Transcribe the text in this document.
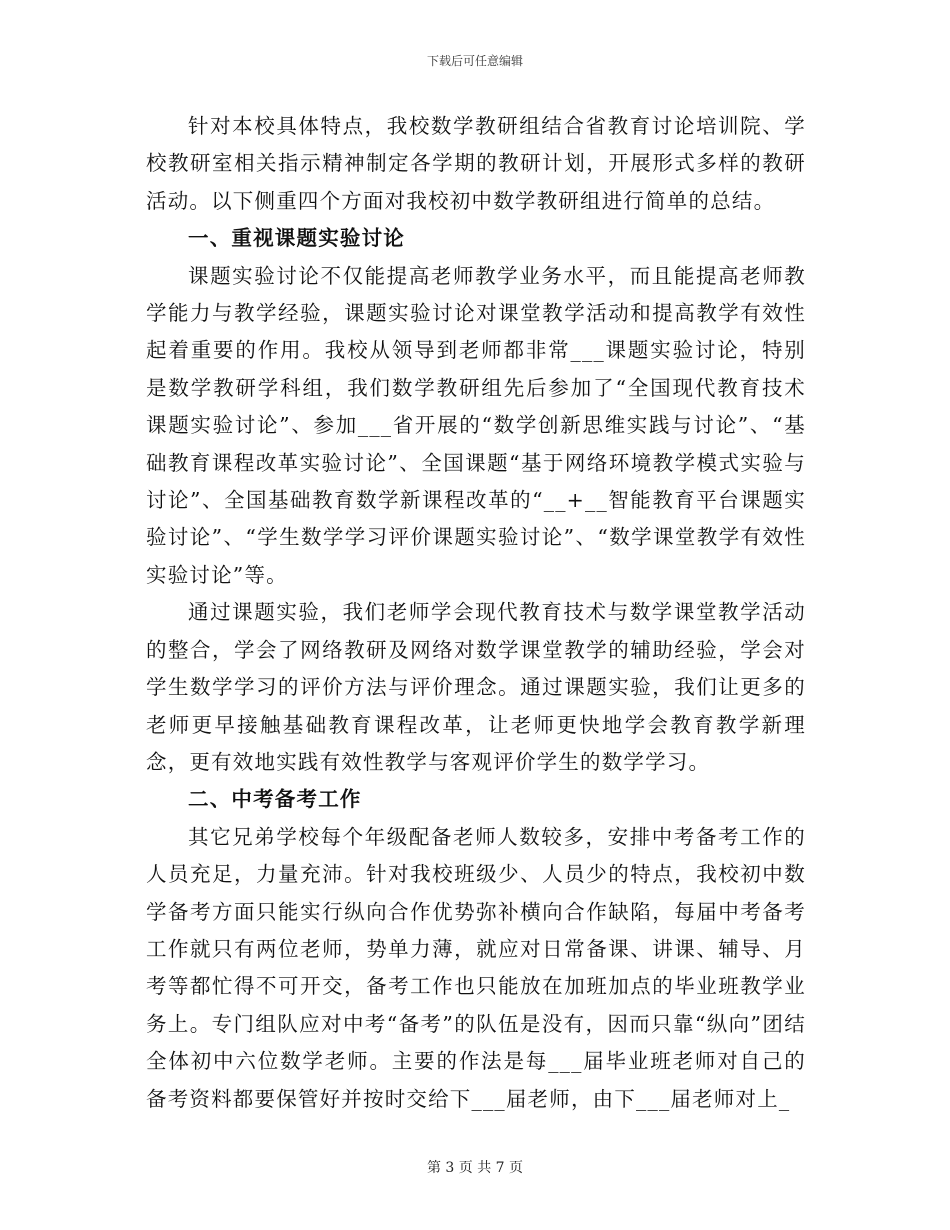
下载后可任意编辑

针对本校具体特点，我校数学教研组结合省教育讨论培训院、学校教研室相关指示精神制定各学期的教研计划，开展形式多样的教研活动。以下侧重四个方面对我校初中数学教研组进行简单的总结。

一、重视课题实验讨论

课题实验讨论不仅能提高老师教学业务水平，而且能提高老师教学能力与教学经验，课题实验讨论对课堂教学活动和提高教学有效性起着重要的作用。我校从领导到老师都非常___课题实验讨论，特别是数学教研学科组，我们数学教研组先后参加了“全国现代教育技术课题实验讨论”、参加___省开展的“数学创新思维实践与讨论”、“基础教育课程改革实验讨论”、全国课题“基于网络环境教学模式实验与讨论”、全国基础教育数学新课程改革的“__+__智能教育平台课题实验讨论”、“学生数学学习评价课题实验讨论”、“数学课堂教学有效性实验讨论”等。

通过课题实验，我们老师学会现代教育技术与数学课堂教学活动的整合，学会了网络教研及网络对数学课堂教学的辅助经验，学会对学生数学学习的评价方法与评价理念。通过课题实验，我们让更多的老师更早接触基础教育课程改革，让老师更快地学会教育教学新理念，更有效地实践有效性教学与客观评价学生的数学学习。

二、中考备考工作

其它兄弟学校每个年级配备老师人数较多，安排中考备考工作的人员充足，力量充沛。针对我校班级少、人员少的特点，我校初中数学备考方面只能实行纵向合作优势弥补横向合作缺陷，每届中考备考工作就只有两位老师，势单力薄，就应对日常备课、讲课、辅导、月考等都忙得不可开交，备考工作也只能放在加班加点的毕业班教学业务上。专门组队应对中考“备考”的队伍是没有，因而只靠“纵向”团结全体初中六位数学老师。主要的作法是每___届毕业班老师对自己的备考资料都要保管好并按时交给下___届老师，由下___届老师对上_

第 3 页 共 7 页
